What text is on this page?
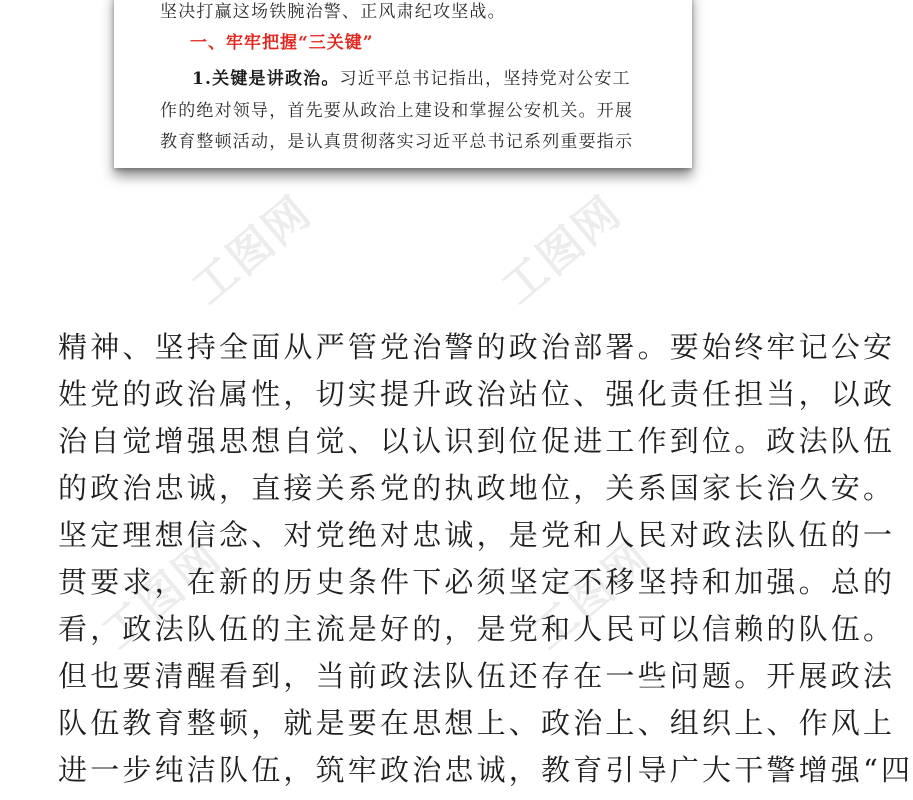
坚决打赢这场铁腕治警、正风肃纪攻坚战。
一、牢牢把握“三关键”
1.关键是讲政治。习近平总书记指出，坚持党对公安工
作的绝对领导，首先要从政治上建设和掌握公安机关。开展
教育整顿活动，是认真贯彻落实习近平总书记系列重要指示
工图网	工图网
工图网	工图网
精神、坚持全面从严管党治警的政治部署。要始终牢记公安
姓党的政治属性，切实提升政治站位、强化责任担当，以政
治自觉增强思想自觉、以认识到位促进工作到位。政法队伍
的政治忠诚，直接关系党的执政地位，关系国家长治久安。
坚定理想信念、对党绝对忠诚，是党和人民对政法队伍的一
贯要求，在新的历史条件下必须坚定不移坚持和加强。总的
看，政法队伍的主流是好的，是党和人民可以信赖的队伍。
但也要清醒看到，当前政法队伍还存在一些问题。开展政法
队伍教育整顿，就是要在思想上、政治上、组织上、作风上
进一步纯洁队伍，筑牢政治忠诚，教育引导广大干警增强“四
